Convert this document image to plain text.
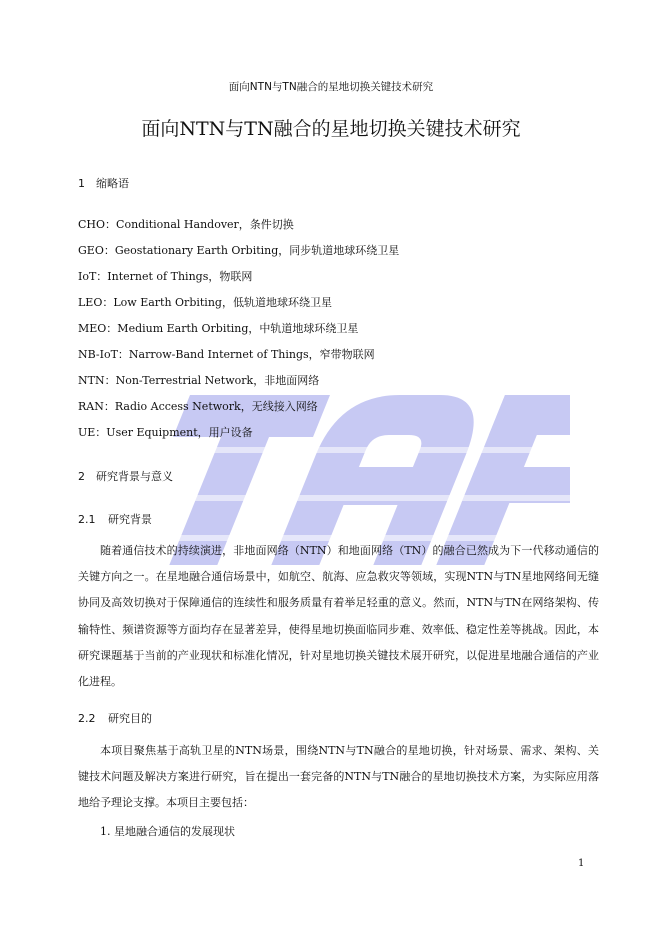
面向NTN与TN融合的星地切换关键技术研究
面向NTN与TN融合的星地切换关键技术研究
1 缩略语
CHO：Conditional Handover，条件切换
GEO：Geostationary Earth Orbiting，同步轨道地球环绕卫星
IoT：Internet of Things，物联网
LEO：Low Earth Orbiting，低轨道地球环绕卫星
MEO：Medium Earth Orbiting，中轨道地球环绕卫星
NB-IoT：Narrow-Band Internet of Things，窄带物联网
NTN：Non-Terrestrial Network，非地面网络
RAN：Radio Access Network，无线接入网络
UE：User Equipment，用户设备
2 研究背景与意义
2.1 研究背景

随着通信技术的持续演进，非地面网络（NTN）和地面网络（TN）的融合已然成为下一代移动通信的关键方向之一。在星地融合通信场景中，如航空、航海、应急救灾等领域，实现NTN与TN星地网络间无缝协同及高效切换对于保障通信的连续性和服务质量有着举足轻重的意义。然而，NTN与TN在网络架构、传输特性、频谱资源等方面均存在显著差异，使得星地切换面临同步难、效率低、稳定性差等挑战。因此，本研究课题基于当前的产业现状和标准化情况，针对星地切换关键技术展开研究，以促进星地融合通信的产业化进程。

2.2 研究目的

本项目聚焦基于高轨卫星的NTN场景，围绕NTN与TN融合的星地切换，针对场景、需求、架构、关键技术问题及解决方案进行研究，旨在提出一套完备的NTN与TN融合的星地切换技术方案，为实际应用落地给予理论支撑。本项目主要包括：

1. 星地融合通信的发展现状
1
